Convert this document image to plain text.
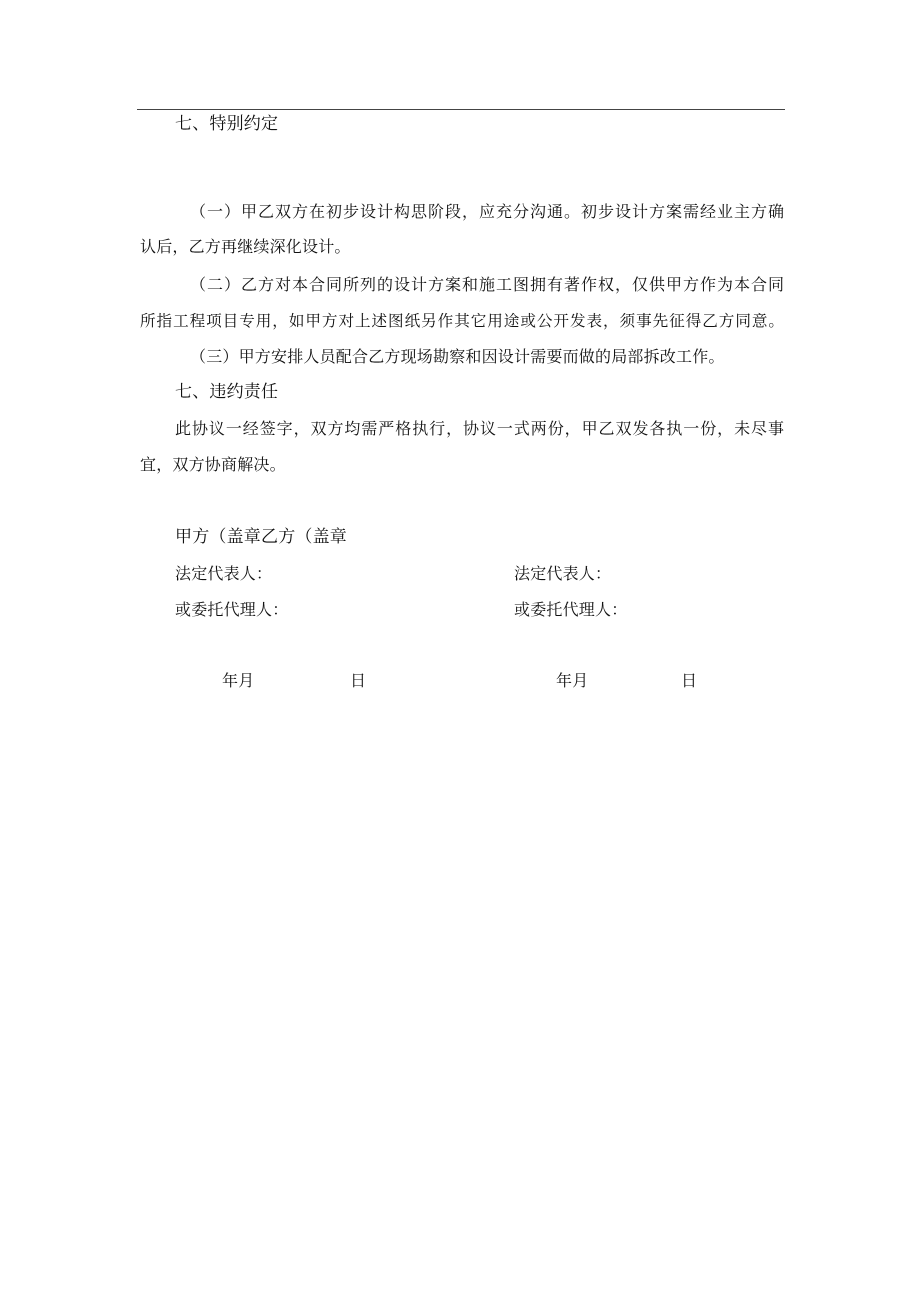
七、特别约定
（一）甲乙双方在初步设计构思阶段，应充分沟通。初步设计方案需经业主方确
认后，乙方再继续深化设计。
（二）乙方对本合同所列的设计方案和施工图拥有著作权，仅供甲方作为本合同
所指工程项目专用，如甲方对上述图纸另作其它用途或公开发表，须事先征得乙方同意。
（三）甲方安排人员配合乙方现场勘察和因设计需要而做的局部拆改工作。
七、违约责任
此协议一经签字，双方均需严格执行，协议一式两份，甲乙双发各执一份，未尽事
宜，双方协商解决。
甲方（盖章乙方（盖章
法定代表人：	法定代表人：
或委托代理人：	或委托代理人：
年月	日	年月	日
